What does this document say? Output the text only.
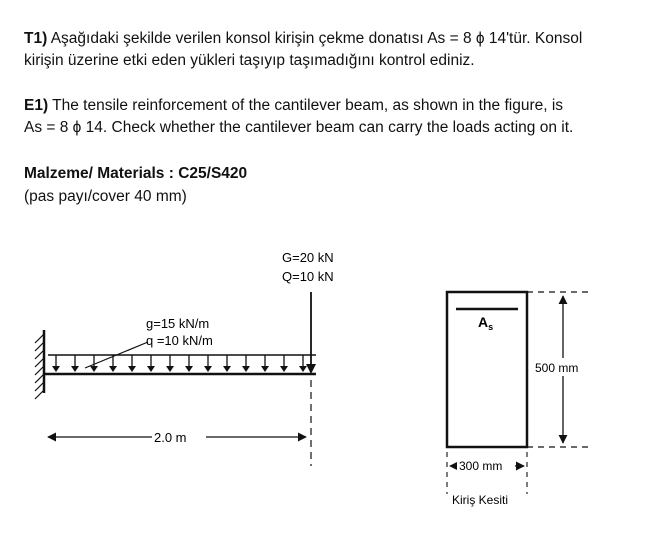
T1) Aşağıdaki şekilde verilen konsol kirişin çekme donatısı As = 8 ϕ 14'tür. Konsol
kirişin üzerine etki eden yükleri taşıyıp taşımadığını kontrol ediniz.
E1) The tensile reinforcement of the cantilever beam, as shown in the figure, is
As = 8 ϕ 14. Check whether the cantilever beam can carry the loads acting on it.
Malzeme/ Materials : C25/S420
(pas payı/cover 40 mm)
2.0 m
G=20 kN
Q=10 kN
g=15 kN/m
q =10 kN/m
$A_s$
500 mm
300 mm
Kiriş Kesiti
